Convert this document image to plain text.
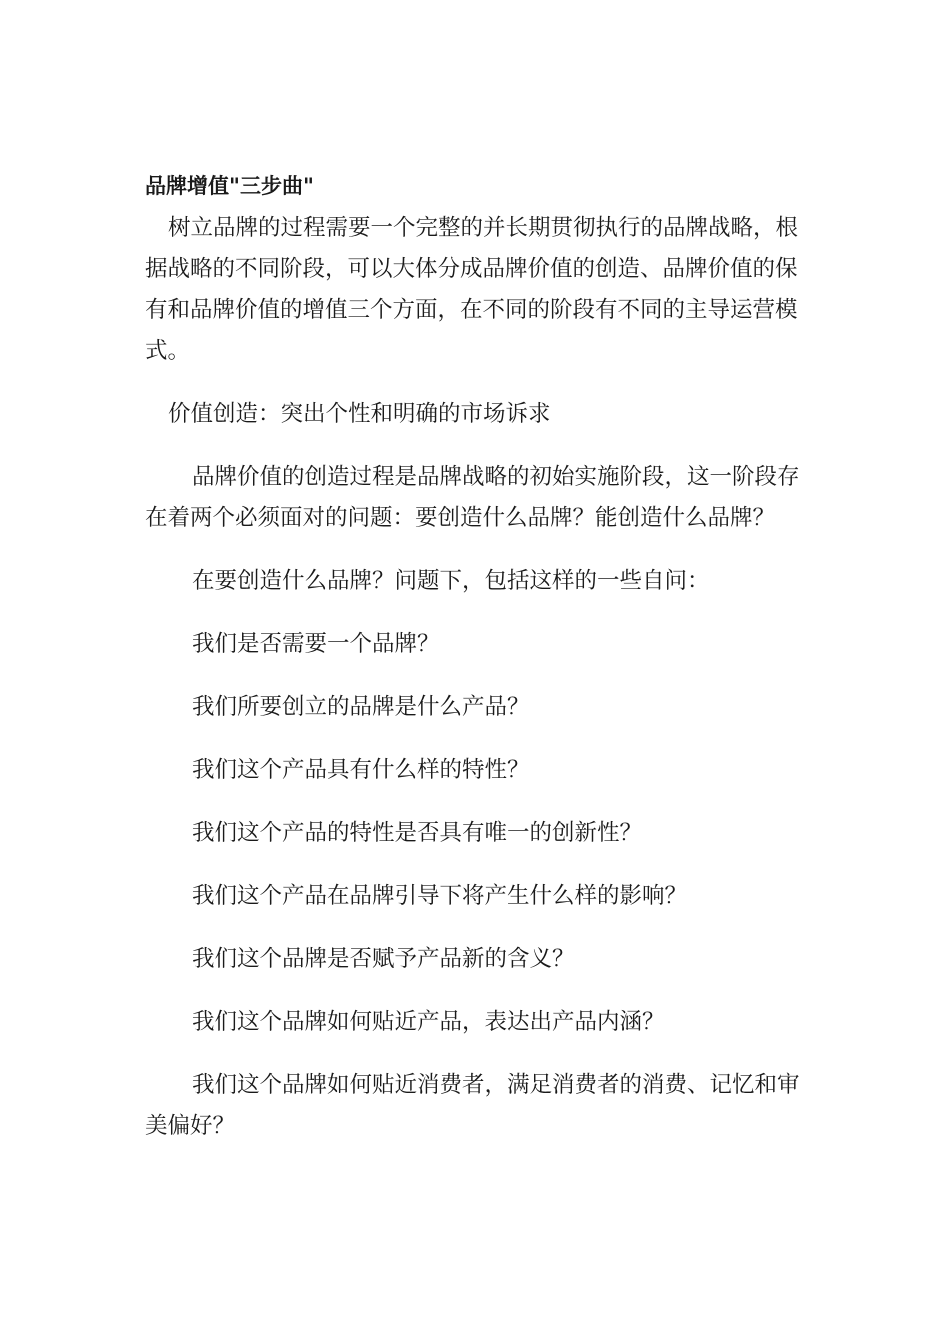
品牌增值"三步曲"

树立品牌的过程需要一个完整的并长期贯彻执行的品牌战略，根据战略的不同阶段，可以大体分成品牌价值的创造、品牌价值的保有和品牌价值的增值三个方面，在不同的阶段有不同的主导运营模式。

价值创造：突出个性和明确的市场诉求

品牌价值的创造过程是品牌战略的初始实施阶段，这一阶段存在着两个必须面对的问题：要创造什么品牌？能创造什么品牌？

在要创造什么品牌？问题下，包括这样的一些自问：

我们是否需要一个品牌？

我们所要创立的品牌是什么产品？

我们这个产品具有什么样的特性？

我们这个产品的特性是否具有唯一的创新性？

我们这个产品在品牌引导下将产生什么样的影响？

我们这个品牌是否赋予产品新的含义？

我们这个品牌如何贴近产品，表达出产品内涵？

我们这个品牌如何贴近消费者，满足消费者的消费、记忆和审美偏好？
